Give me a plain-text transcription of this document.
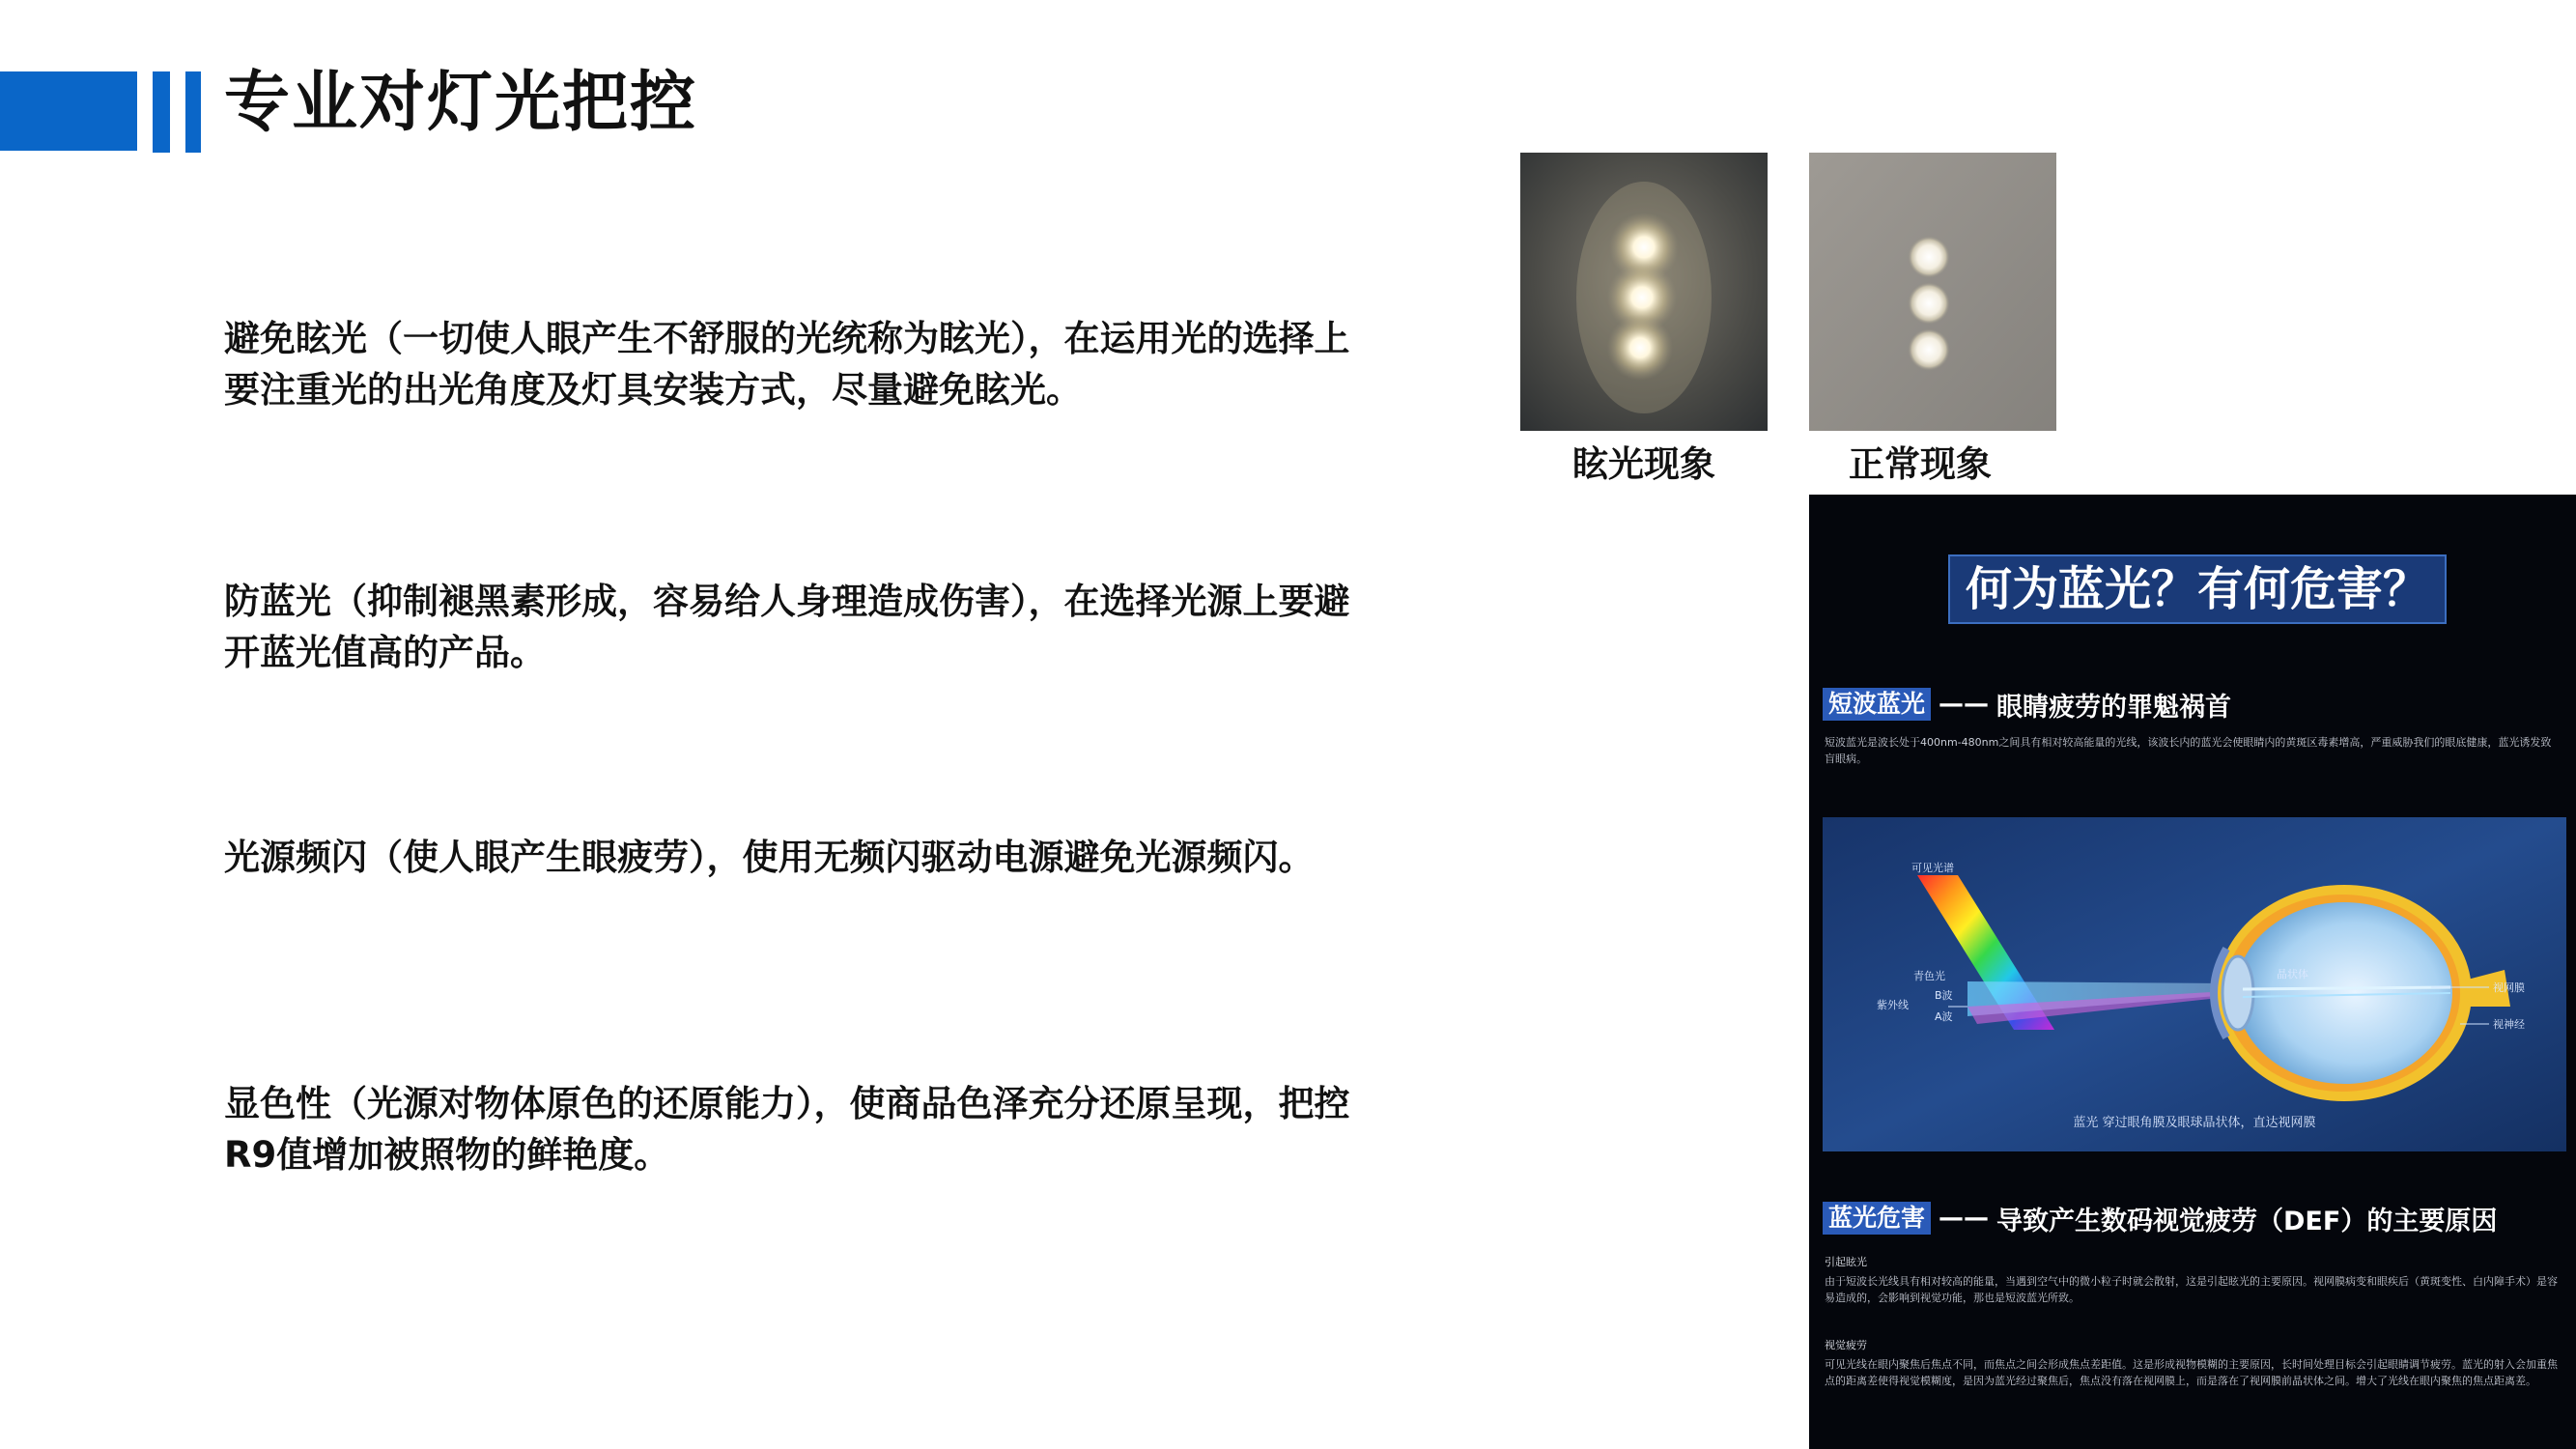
专业对灯光把控
避免眩光（一切使人眼产生不舒服的光统称为眩光），在运用光的选择上要注重光的出光角度及灯具安装方式，尽量避免眩光。
防蓝光（抑制褪黑素形成，容易给人身理造成伤害），在选择光源上要避开蓝光值高的产品。
光源频闪（使人眼产生眼疲劳），使用无频闪驱动电源避免光源频闪。
显色性（光源对物体原色的还原能力），使商品色泽充分还原呈现，把控R9值增加被照物的鲜艳度。
眩光现象	正常现象
何为蓝光？有何危害？
短波蓝光 —— 眼睛疲劳的罪魁祸首
短波蓝光是波长处于400nm-480nm之间具有相对较高能量的光线，该波长内的蓝光会使眼睛内的黄斑区毒素增高，严重威胁我们的眼底健康，蓝光诱发致盲眼病。
可见光谱
青色光
B波
A波
紫外线
晶状体
视网膜
视神经
蓝光 穿过眼角膜及眼球晶状体，直达视网膜
蓝光危害 —— 导致产生数码视觉疲劳（DEF）的主要原因
引起眩光
由于短波长光线具有相对较高的能量，当遇到空气中的微小粒子时就会散射，这是引起眩光的主要原因。视网膜病变和眼疾后（黄斑变性、白内障手术）是容易造成的，会影响到视觉功能，那也是短波蓝光所致。
视觉疲劳
可见光线在眼内聚焦后焦点不同，而焦点之间会形成焦点差距值。这是形成视物模糊的主要原因，长时间处理目标会引起眼睛调节疲劳。蓝光的射入会加重焦点的距离差使得视觉模糊度，是因为蓝光经过聚焦后，焦点没有落在视网膜上，而是落在了视网膜前晶状体之间。增大了光线在眼内聚焦的焦点距离差。
